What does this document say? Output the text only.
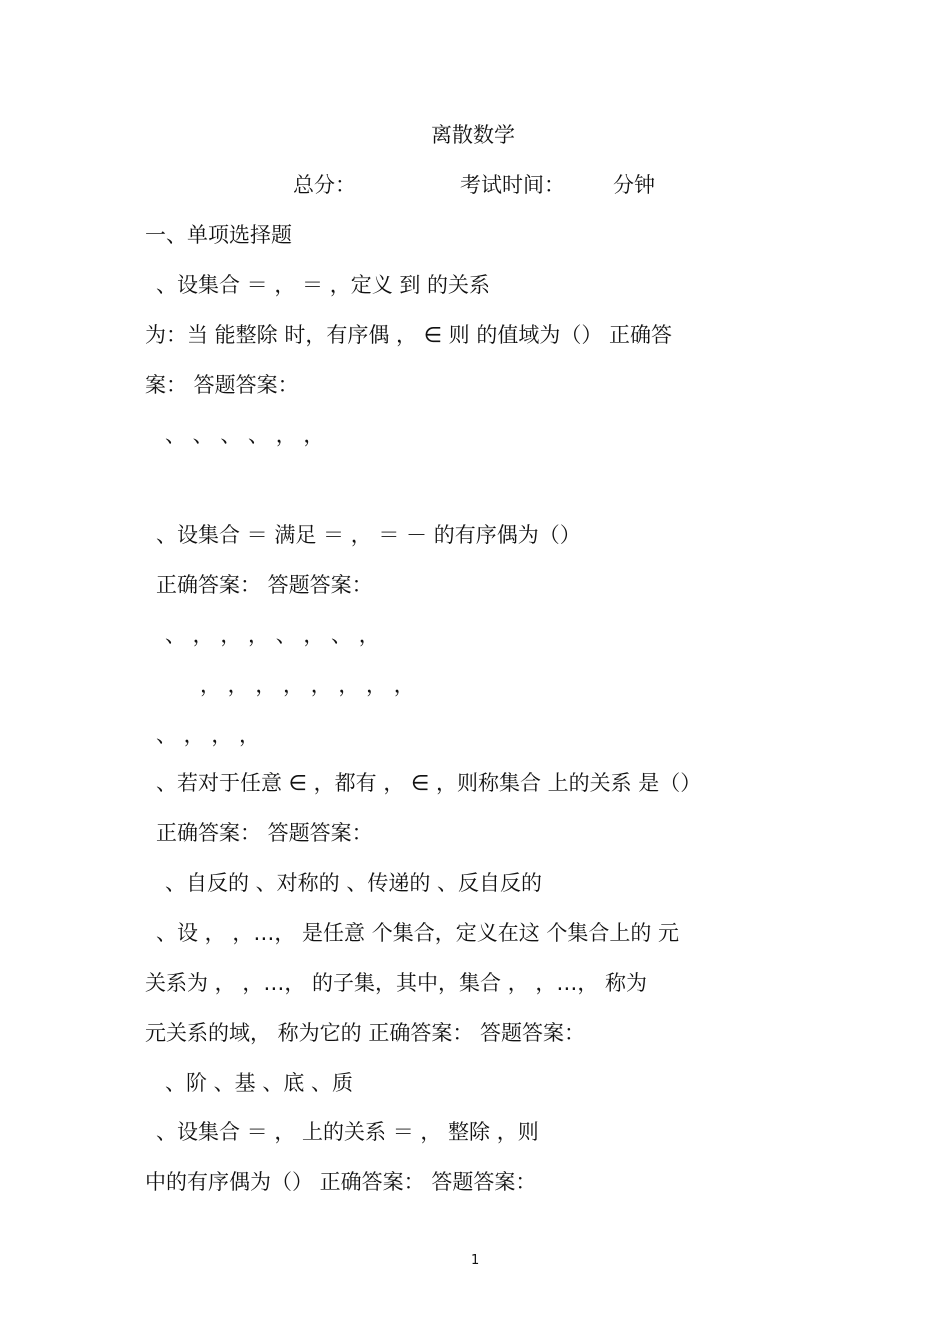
离散数学
总分：	考试时间： 分钟
一、单项选择题
、设集合 ＝ ， ＝ ，定义 到 的关系
为：当 能整除 时，有序偶 ， ∈ 则 的值域为（） 正确答
案： 答题答案：
、 、 、 、 ， ，
、设集合 ＝ 满足 ＝ ， ＝ － 的有序偶为（）
正确答案： 答题答案：
、 ， ， ， 、 ， 、 ，
， ， ， ， ， ， ， ，
、 ， ， ，
、若对于任意 ∈ ，都有 ， ∈ ，则称集合 上的关系 是（）
正确答案： 答题答案：
、自反的 、对称的 、传递的 、反自反的
、设 ， ，…， 是任意 个集合，定义在这 个集合上的 元
关系为 ， ，…， 的子集，其中，集合 ， ，…， 称为
元关系的域， 称为它的 正确答案： 答题答案：
、阶 、基 、底 、质
、设集合 ＝ ， 上的关系 ＝ ， 整除 ，则
中的有序偶为（） 正确答案： 答题答案：
1
